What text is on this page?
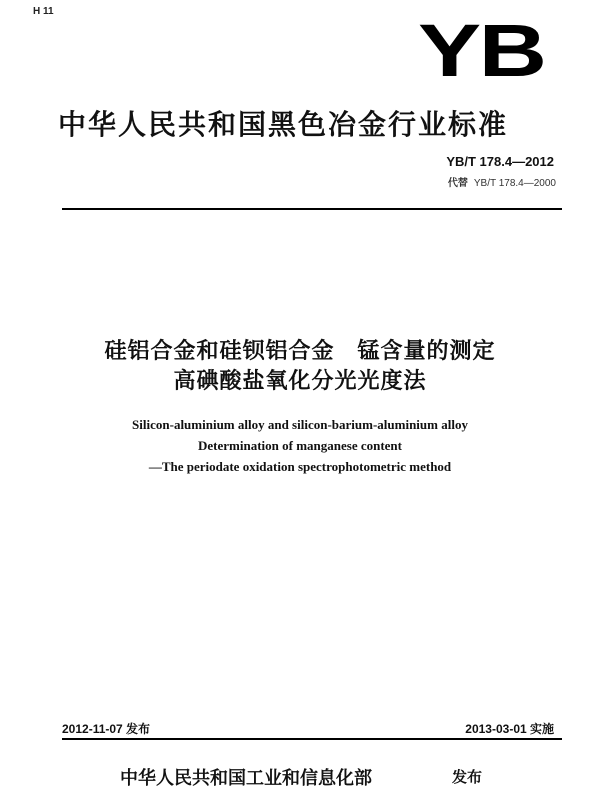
H 11	YB
中华人民共和国黑色冶金行业标准
YB/T 178.4—2012
代替 YB/T 178.4—2000
硅铝合金和硅钡铝合金　锰含量的测定
高碘酸盐氧化分光光度法
Silicon-aluminium alloy and silicon-barium-aluminium alloy
Determination of manganese content
—The periodate oxidation spectrophotometric method
2012-11-07 发布	2013-03-01 实施
中华人民共和国工业和信息化部	发布
